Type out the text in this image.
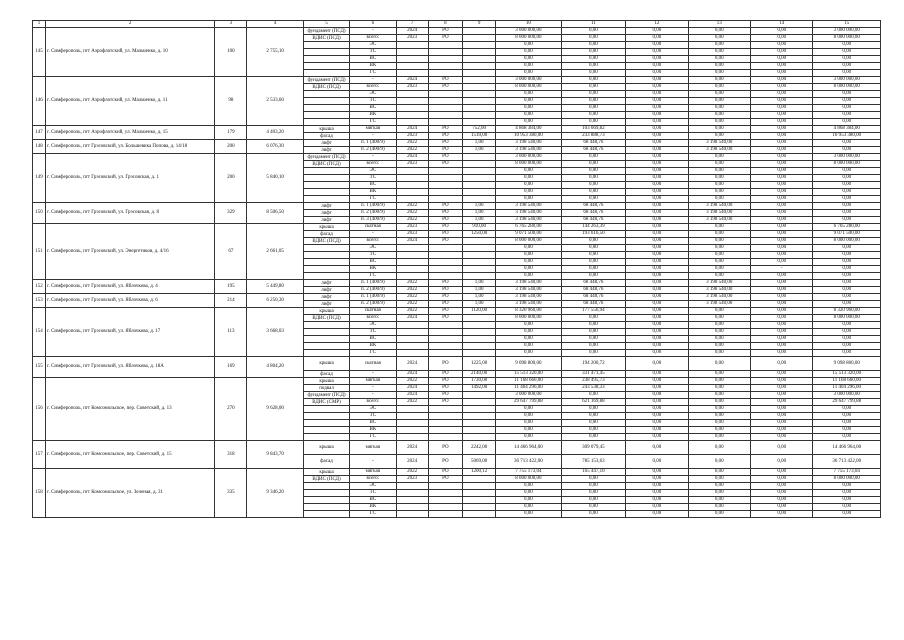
1	2	3	4	5	6	7	8	9	10	11	12	13	14	15
145	г. Симферополь, пгт Аэрофлотский, ул. Мальченко, д. 10	100	2 755,10	фундамент (ПСД)	-	2024	РО		3 000 000,00	0,00	0,00	0,00	0,00	3 000 000,00
				ВДИС (ПСД)	всего:	2023	РО		8 000 000,00	0,00	0,00	0,00	0,00	8 000 000,00
					ЭС				0,00	0,00	0,00	0,00	0,00	0,00
					ТС				0,00	0,00	0,00	0,00	0,00	0,00
					ВС				0,00	0,00	0,00	0,00	0,00	0,00
					ВК				0,00	0,00	0,00	0,00	0,00	0,00
					ГС				0,00	0,00	0,00	0,00	0,00	0,00
146	г. Симферополь, пгт Аэрофлотский, ул. Мальченко, д. 11	98	2 533,60	фундамент (ПСД)	-	2024	РО		3 000 000,00	0,00	0,00	0,00	0,00	3 000 000,00
				ВДИС (ПСД)	всего:	2023	РО		8 000 000,00	0,00	0,00	0,00	0,00	8 000 000,00
					ЭС				0,00	0,00	0,00	0,00	0,00	0,00
					ТС				0,00	0,00	0,00	0,00	0,00	0,00
					ВС				0,00	0,00	0,00	0,00	0,00	0,00
					ВК				0,00	0,00	0,00	0,00	0,00	0,00
					ГС				0,00	0,00	0,00	0,00	0,00	0,00
147	г. Симферополь, пгт Аэрофлотский, ул. Мальченко, д. 15	179	4 403,20	крыша	мягкая	2024	РО	752,00	4 868 384,00	103 669,82	0,00	0,00	0,00	4 868 384,00
				фасад	-	2023	РО	1510,00	10 953 380,00	233 888,73	0,00	0,00	0,00	10 953 380,00
148	г. Симферополь, пгт Грэсовский, ул. Большевика Попова, д. 14/18	200	6 076,30	лифт	п. 1 (400/9)	2022	РО	1,00	3 198 540,00	68 448,76	0,00	3 198 540,00	0,00	0,00
				лифт	п. 2 (400/9)	2022	РО	1,00	3 198 540,00	68 448,76	0,00	3 198 540,00	0,00	0,00
149	г. Симферополь, пгт Грэсовский, ул. Грэсовская, д. 1	200	5 840,10	фундамент (ПСД)	-	2024	РО		3 000 000,00	0,00	0,00	0,00	0,00	3 000 000,00
				ВДИС (ПСД)	всего:	2023	РО		8 000 000,00	0,00	0,00	0,00	0,00	8 000 000,00
					ЭС				0,00	0,00	0,00	0,00	0,00	0,00
					ТС				0,00	0,00	0,00	0,00	0,00	0,00
					ВС				0,00	0,00	0,00	0,00	0,00	0,00
					ВК				0,00	0,00	0,00	0,00	0,00	0,00
					ГС				0,00	0,00	0,00	0,00	0,00	0,00
150	г. Симферополь, пгт Грэсовский, ул. Грэсовская, д. 8	329	8 506,50	лифт	п. 1 (400/9)	2022	РО	1,00	3 198 540,00	68 448,76	0,00	3 198 540,00	0,00	0,00
				лифт	п. 2 (400/9)	2022	РО	1,00	3 198 540,00	68 448,76	0,00	3 198 540,00	0,00	0,00
				лифт	п. 3 (400/9)	2022	РО	1,00	3 198 540,00	68 448,76	0,00	3 198 540,00	0,00	0,00
151	г. Симферополь, пгт Грэсовский, ул. Энергетиков, д. 4/16	67	2 661,05	крыша	скатная	2023	РО	910,00	6 765 280,00	144 263,39	0,00	0,00	0,00	6 765 280,00
				фасад	-	2023	РО	1250,00	9 071 500,00	193 616,50	0,00	0,00	0,00	9 071 500,00
				ВДИС (ПСД)	всего:	2024	РО		8 000 000,00	0,00	0,00	0,00	0,00	8 000 000,00
					ЭС				0,00	0,00	0,00	0,00	0,00	0,00
					ТС				0,00	0,00	0,00	0,00	0,00	0,00
					ВС				0,00	0,00	0,00	0,00	0,00	0,00
					ВК				0,00	0,00	0,00	0,00	-	0,00
					ГС				0,00	0,00	0,00	0,00	0,00	0,00
152	г. Симферополь, пгт Грэсовский, ул. Яблочкова, д. 4	195	5 449,80	лифт	п. 1 (400/9)	2022	РО	1,00	3 198 540,00	68 448,76	0,00	3 198 540,00	0,00	0,00
				лифт	п. 2 (400/9)	2022	РО	1,00	3 198 540,00	68 448,76	0,00	3 198 540,00	0,00	0,00
153	г. Симферополь, пгт Грэсовский, ул. Яблочкова, д. 6	214	6 250,30	лифт	п. 1 (400/9)	2022	РО	1,00	3 198 540,00	68 448,76	0,00	3 198 540,00	0,00	0,00
				лифт	п. 2 (400/9)	2022	РО	1,00	3 198 540,00	68 448,76	0,00	3 198 540,00	0,00	0,00
154	г. Симферополь, пгт Грэсовский, ул. Яблочкова, д. 17	113	3 668,03	крыша	скатная	2022	РО	1120,00	8 320 960,00	177 556,94	0,00	0,00	0,00	8 320 960,00
				ВДИС (ПСД)	всего:	2024	РО		8 000 000,00	0,00	0,00	0,00	0,00	8 000 000,00
					ЭС				0,00	0,00	0,00	0,00	0,00	0,00
					ТС				0,00	0,00	0,00	0,00	0,00	0,00
					ВС				0,00	0,00	0,00	0,00	0,00	0,00
					ВК				0,00	0,00	0,00	0,00	0,00	0,00
					ГС				0,00	0,00	0,00	0,00	0,00	0,00
155	г. Симферополь, пгт Грэсовский, ул. Яблочкова, д. 18А	169	4 804,20	крыша	скатная	2024	РО	1225,00	9 098 800,00	194 200,72	0,00	0,00	0,00	9 098 800,00
				фасад	-	2024	РО	2140,00	15 513 320,00	331 471,45	0,00	0,00	0,00	15 513 320,00
156	г. Симферополь, пгт Комсомольское, пер. Советский, д. 13	270	9 628,00	крыша	мягкая	2022	РО	1730,00	11 168 660,00	238 495,73	0,00	0,00	0,00	11 168 660,00
				подвал	-	2024	РО	1492,00	11 404 296,00	243 538,33	0,00	0,00	0,00	11 404 296,00
				фундамент (ПСД)	-	2024	РО		3 000 000,00	0,00	0,00	0,00	0,00	3 000 000,00
				ВДИС (СМР)	всего:	2022	РО		29 647 799,88	621 169,88	0,00	0,00	0,00	29 647 799,88
					ЭС				0,00	0,00	0,00	0,00	0,00	0,00
					ТС				0,00	0,00	0,00	0,00	0,00	0,00
					ВС				0,00	0,00	0,00	0,00	0,00	0,00
					ВК				0,00	0,00	0,00	0,00	0,00	0,00
					ГС				0,00	0,00	0,00	0,00	0,00	0,00
157	г. Симферополь, пгт Комсомольское, пер. Советский, д. 15	318	9 843,70	крыша	мягкая	2024	РО	2242,00	14 466 964,00	309 079,45	0,00	0,00	0,00	14 466 964,00
				фасад	-	2024	РО	5069,00	36 713 422,00	785 153,63	0,00	0,00	0,00	36 713 422,00
158	г. Симферополь, пгт Комсомольское, ул. Зеленая, д. 31	335	9 346,20	крыша	мягкая	2022	РО	1200,12	7 755 173,04	165 447,10	0,00	0,00	0,00	7 755 173,04
				ВДИС (ПСД)	всего:	2023	РО		8 000 000,00	0,00	0,00	0,00	0,00	8 000 000,00
					ЭС				0,00	0,00	0,00	0,00	0,00	0,00
					ТС				0,00	0,00	0,00	0,00	0,00	0,00
					ВС				0,00	0,00	0,00	0,00	0,00	0,00
					ВК				0,00	0,00	0,00	0,00	0,00	0,00
					ГС				0,00	0,00	0,00	0,00	0,00	0,00
